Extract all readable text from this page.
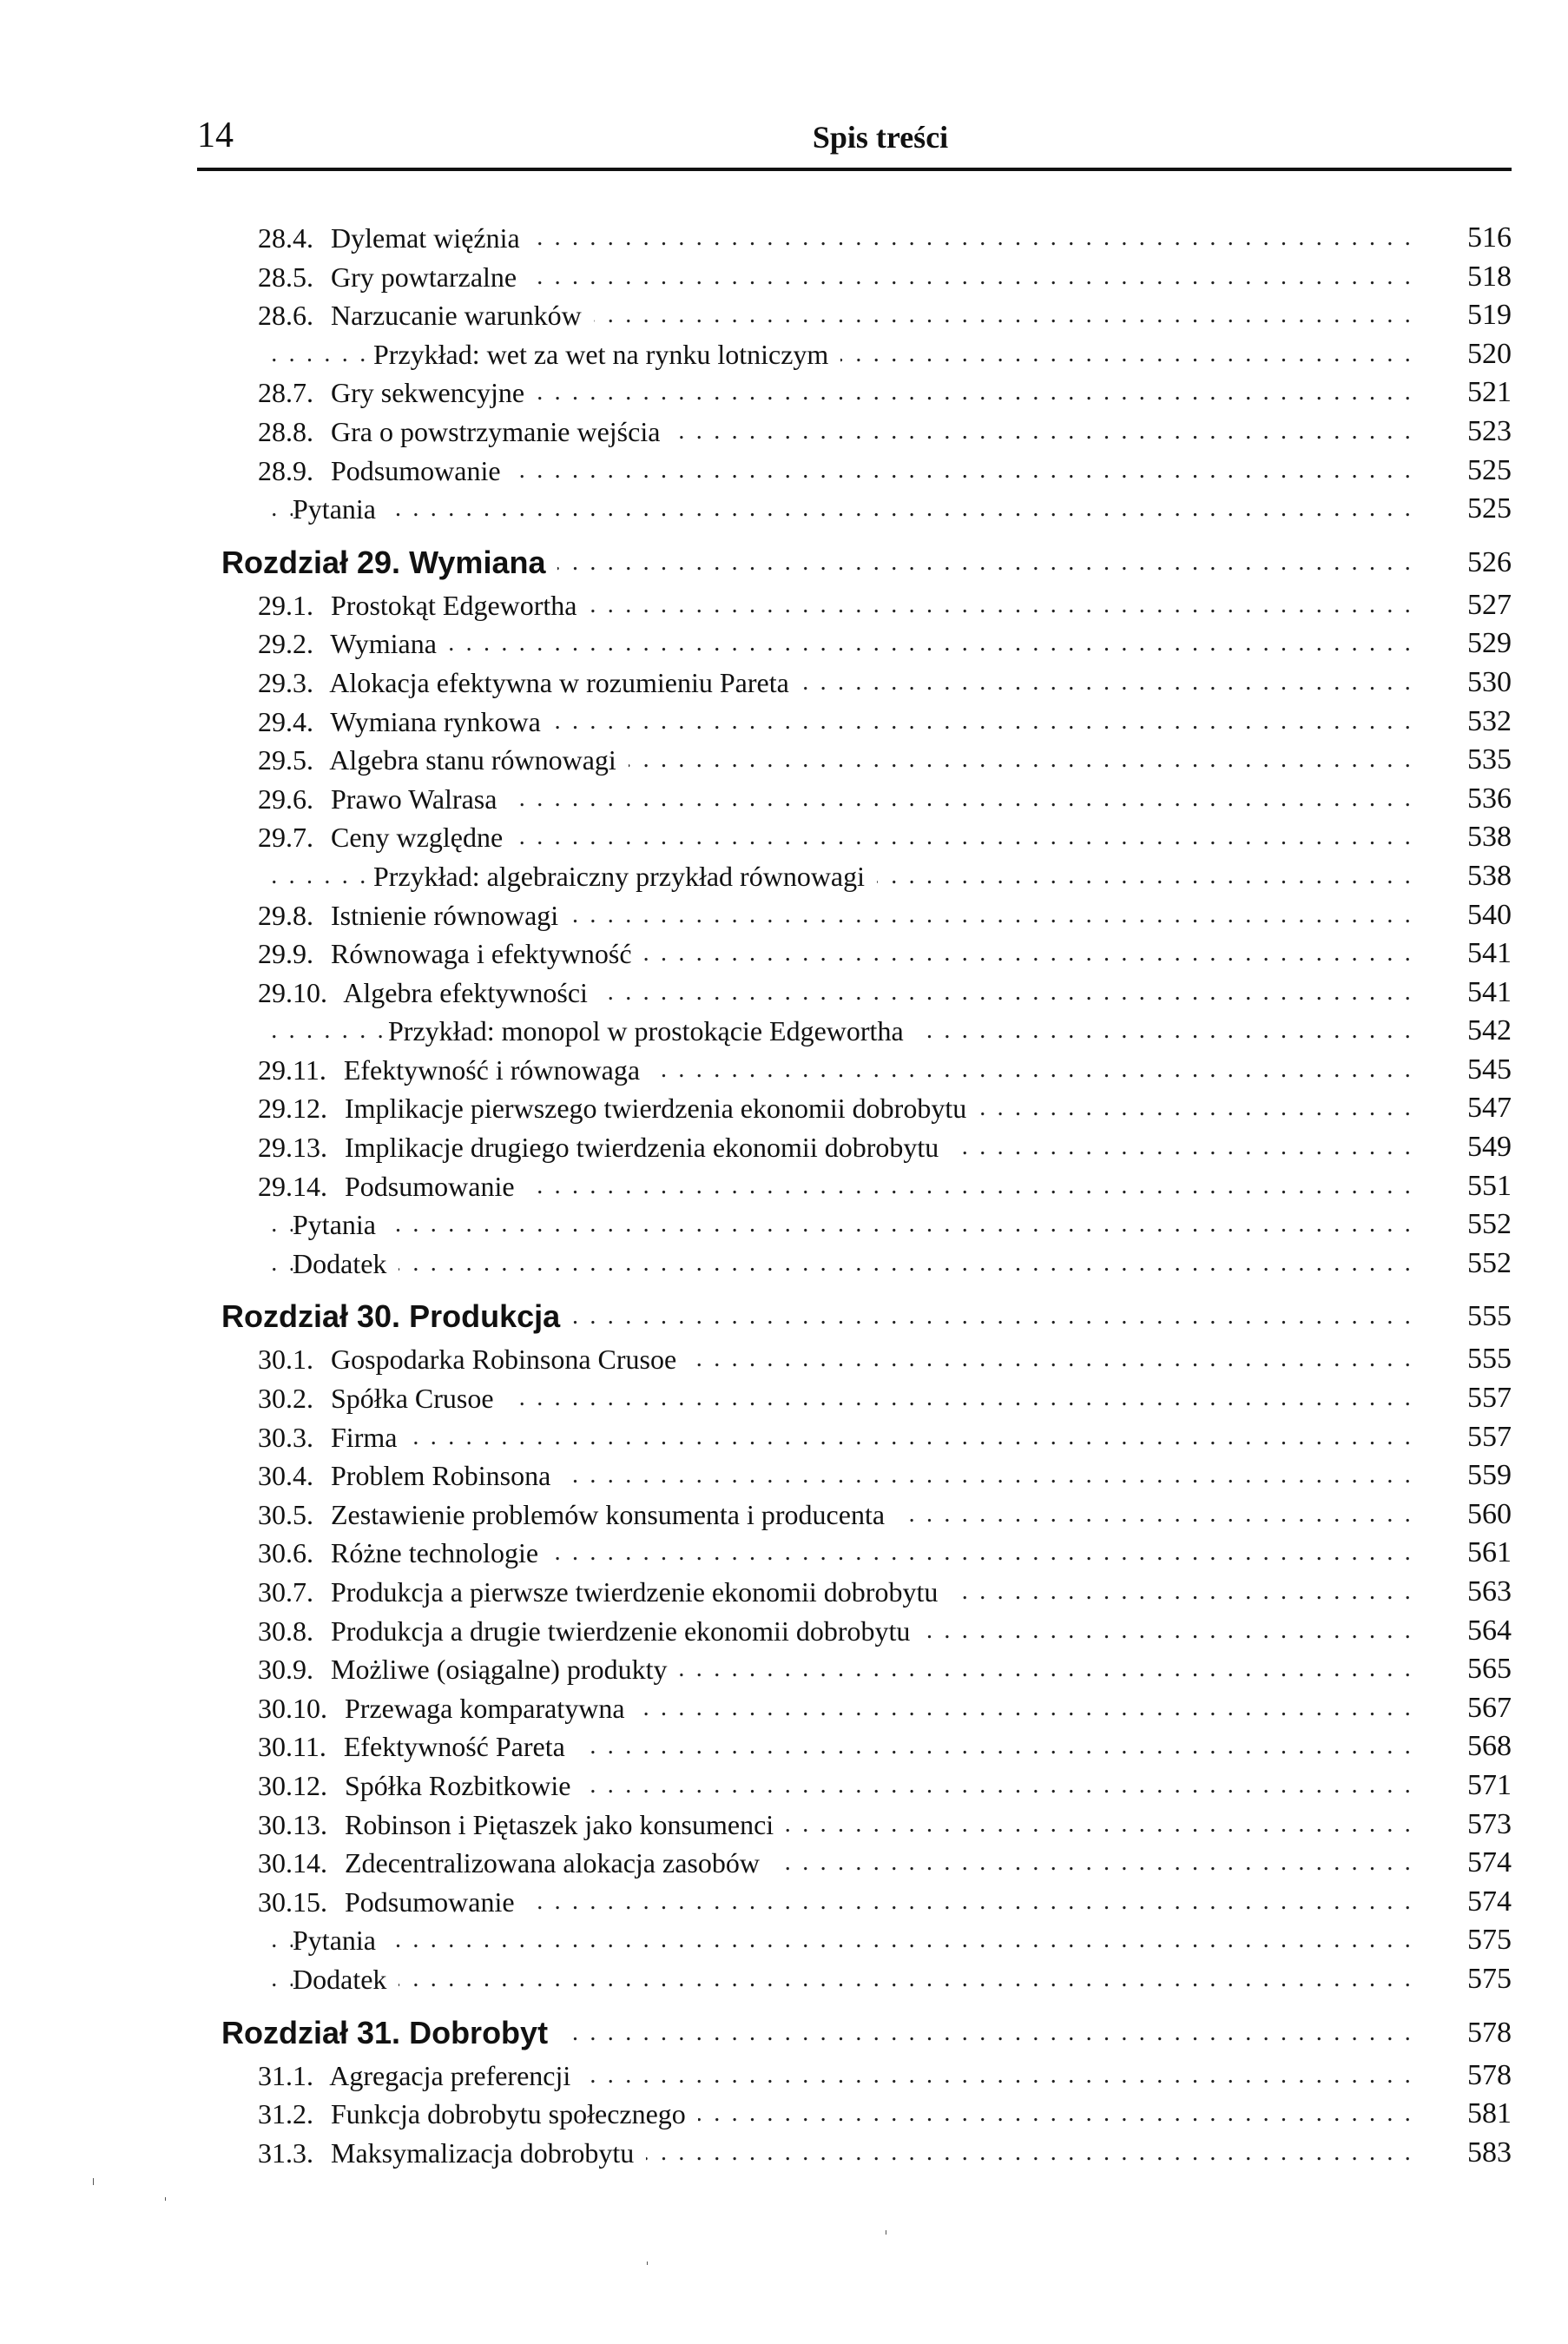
14	Spis treści
. . .
28.4. Dylemat więźnia	516
. . .
28.5. Gry powtarzalne	518
. . .
28.6. Narzucanie warunków	519
. . .
Przykład: wet za wet na rynku lotniczym	520
. . .
28.7. Gry sekwencyjne	521
. . .
28.8. Gra o powstrzymanie wejścia	523
. . .
28.9. Podsumowanie	525
. . .
Pytania	525
. . .
Rozdział 29. Wymiana	526
. . .
29.1. Prostokąt Edgewortha	527
. . .
29.2. Wymiana	529
. . .
29.3. Alokacja efektywna w rozumieniu Pareta	530
. . .
29.4. Wymiana rynkowa	532
. . .
29.5. Algebra stanu równowagi	535
. . .
29.6. Prawo Walrasa	536
. . .
29.7. Ceny względne	538
. . .
Przykład: algebraiczny przykład równowagi	538
. . .
29.8. Istnienie równowagi	540
. . .
29.9. Równowaga i efektywność	541
. . .
29.10. Algebra efektywności	541
. . .
Przykład: monopol w prostokącie Edgewortha	542
. . .
29.11. Efektywność i równowaga	545
. . .
29.12. Implikacje pierwszego twierdzenia ekonomii dobrobytu	547
. . .
29.13. Implikacje drugiego twierdzenia ekonomii dobrobytu	549
. . .
29.14. Podsumowanie	551
. . .
Pytania	552
. . .
Dodatek	552
. . .
Rozdział 30. Produkcja	555
. . .
30.1. Gospodarka Robinsona Crusoe	555
. . .
30.2. Spółka Crusoe	557
. . .
30.3. Firma	557
. . .
30.4. Problem Robinsona	559
. . .
30.5. Zestawienie problemów konsumenta i producenta	560
. . .
30.6. Różne technologie	561
. . .
30.7. Produkcja a pierwsze twierdzenie ekonomii dobrobytu	563
. . .
30.8. Produkcja a drugie twierdzenie ekonomii dobrobytu	564
. . .
30.9. Możliwe (osiągalne) produkty	565
. . .
30.10. Przewaga komparatywna	567
. . .
30.11. Efektywność Pareta	568
. . .
30.12. Spółka Rozbitkowie	571
. . .
30.13. Robinson i Piętaszek jako konsumenci	573
. . .
30.14. Zdecentralizowana alokacja zasobów	574
. . .
30.15. Podsumowanie	574
. . .
Pytania	575
. . .
Dodatek	575
. . .
Rozdział 31. Dobrobyt	578
. . .
31.1. Agregacja preferencji	578
. . .
31.2. Funkcja dobrobytu społecznego	581
. . .
31.3. Maksymalizacja dobrobytu	583
